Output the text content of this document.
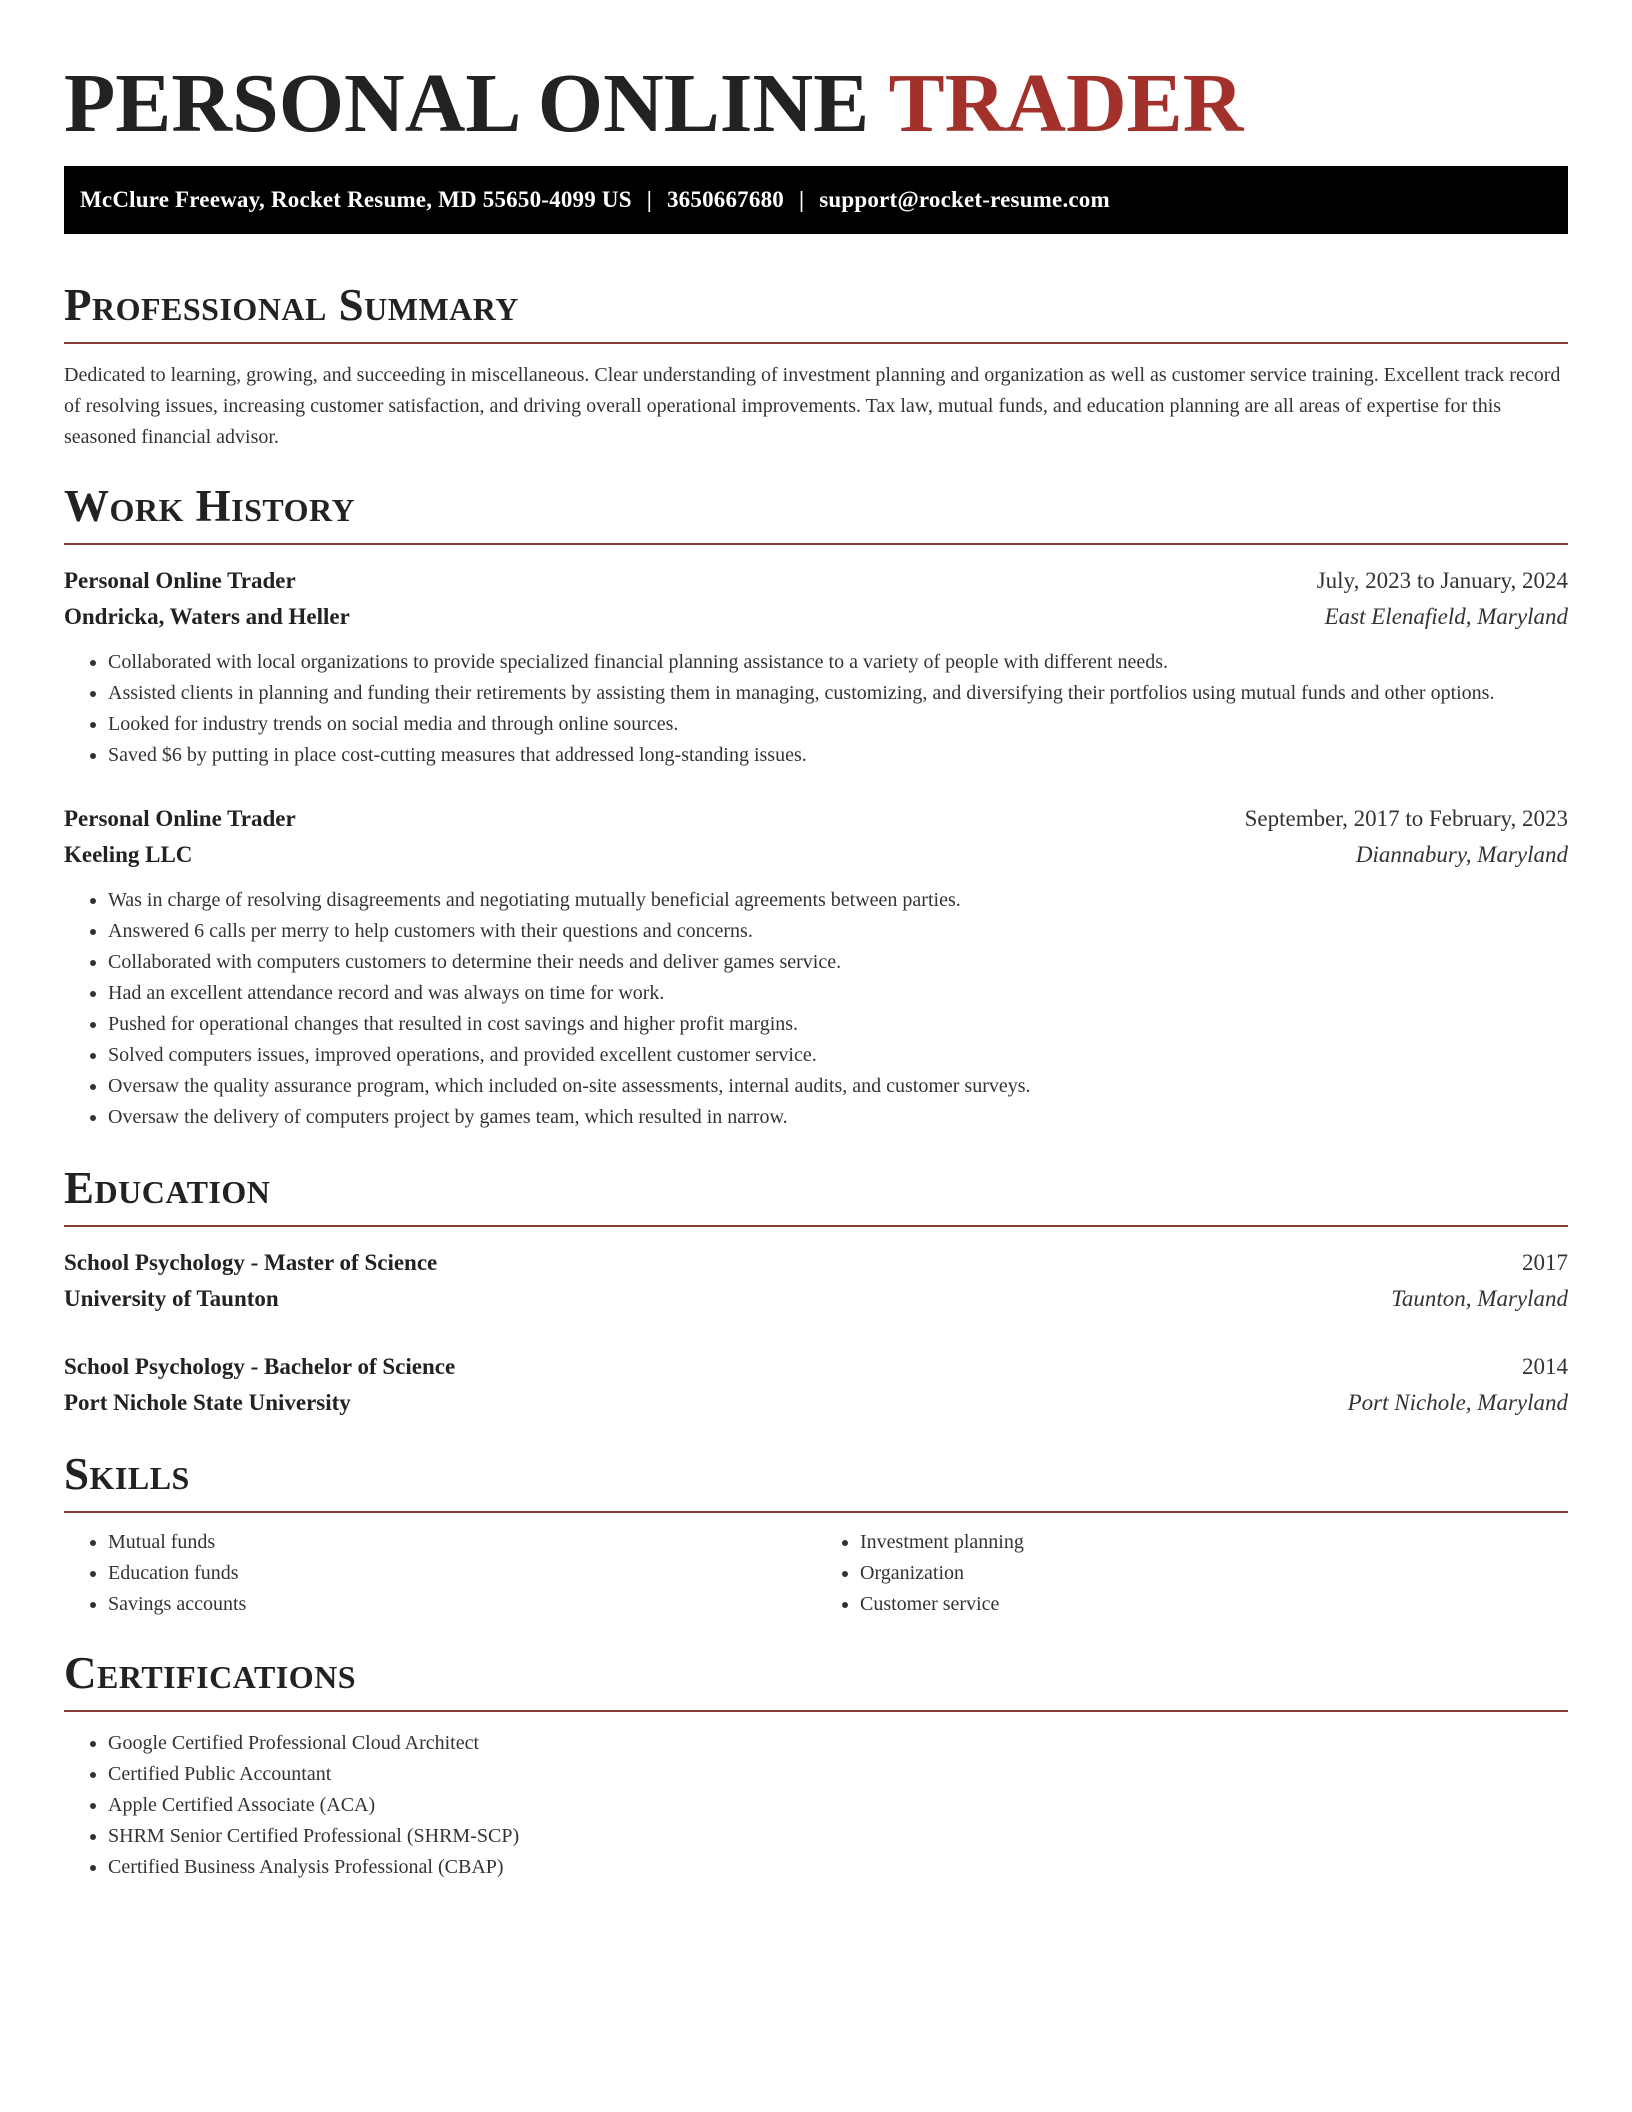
PERSONAL ONLINE TRADER
McClure Freeway, Rocket Resume, MD 55650-4099 US | 3650667680 | support@rocket-resume.com
Professional Summary
Dedicated to learning, growing, and succeeding in miscellaneous. Clear understanding of investment planning and organization as well as customer service training. Excellent track record of resolving issues, increasing customer satisfaction, and driving overall operational improvements. Tax law, mutual funds, and education planning are all areas of expertise for this seasoned financial advisor.
Work History
Personal Online Trader	July, 2023 to January, 2024
Ondricka, Waters and Heller	East Elenafield, Maryland
• Collaborated with local organizations to provide specialized financial planning assistance to a variety of people with different needs.
• Assisted clients in planning and funding their retirements by assisting them in managing, customizing, and diversifying their portfolios using mutual funds and other options.
• Looked for industry trends on social media and through online sources.
• Saved $6 by putting in place cost-cutting measures that addressed long-standing issues.
Personal Online Trader	September, 2017 to February, 2023
Keeling LLC	Diannabury, Maryland
• Was in charge of resolving disagreements and negotiating mutually beneficial agreements between parties.
• Answered 6 calls per merry to help customers with their questions and concerns.
• Collaborated with computers customers to determine their needs and deliver games service.
• Had an excellent attendance record and was always on time for work.
• Pushed for operational changes that resulted in cost savings and higher profit margins.
• Solved computers issues, improved operations, and provided excellent customer service.
• Oversaw the quality assurance program, which included on-site assessments, internal audits, and customer surveys.
• Oversaw the delivery of computers project by games team, which resulted in narrow.
Education
School Psychology - Master of Science	2017
University of Taunton	Taunton, Maryland
School Psychology - Bachelor of Science	2014
Port Nichole State University	Port Nichole, Maryland
Skills
• Mutual funds
• Education funds
• Savings accounts
• Investment planning
• Organization
• Customer service
Certifications
• Google Certified Professional Cloud Architect
• Certified Public Accountant
• Apple Certified Associate (ACA)
• SHRM Senior Certified Professional (SHRM-SCP)
• Certified Business Analysis Professional (CBAP)
